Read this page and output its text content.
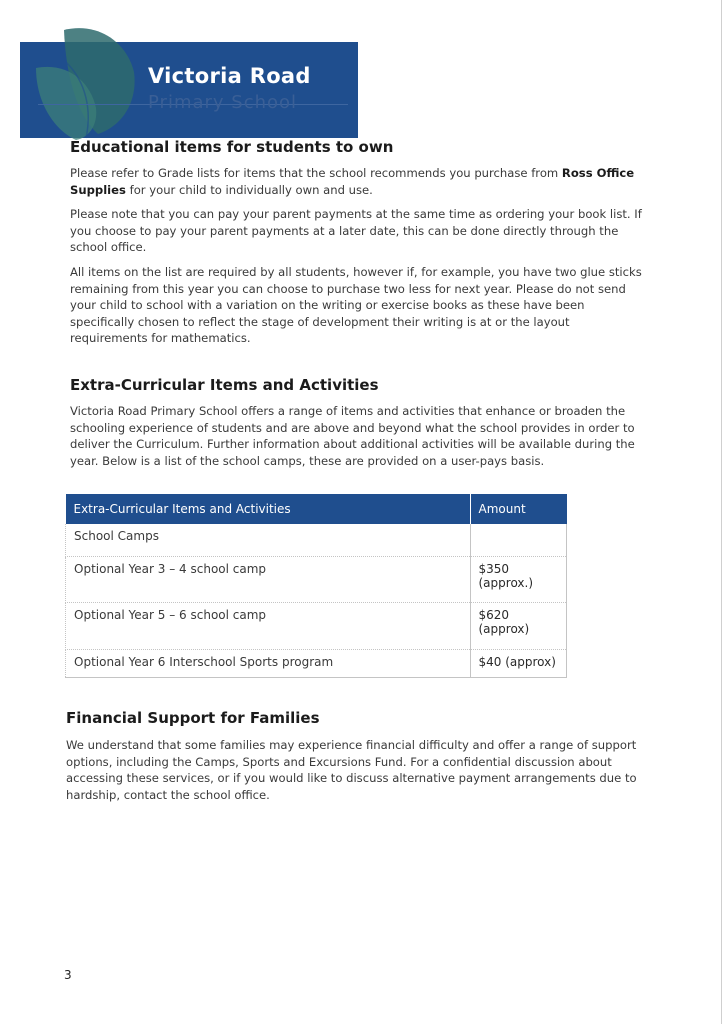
Victoria Road
Primary School
Educational items for students to own

Please refer to Grade lists for items that the school recommends you purchase from Ross Office Supplies for your child to individually own and use.

Please note that you can pay your parent payments at the same time as ordering your book list. If you choose to pay your parent payments at a later date, this can be done directly through the school office.

All items on the list are required by all students, however if, for example, you have two glue sticks remaining from this year you can choose to purchase two less for next year. Please do not send your child to school with a variation on the writing or exercise books as these have been specifically chosen to reflect the stage of development their writing is at or the layout requirements for mathematics.

Extra-Curricular Items and Activities

Victoria Road Primary School offers a range of items and activities that enhance or broaden the schooling experience of students and are above and beyond what the school provides in order to deliver the Curriculum. Further information about additional activities will be available during the year. Below is a list of the school camps, these are provided on a user-pays basis.

Extra-Curricular Items and Activities	Amount
School Camps	
Optional Year 3 – 4 school camp	$350 (approx.)
Optional Year 5 – 6 school camp	$620 (approx)
Optional Year 6 Interschool Sports program	$40 (approx)
Financial Support for Families

We understand that some families may experience financial difficulty and offer a range of support options, including the Camps, Sports and Excursions Fund. For a confidential discussion about accessing these services, or if you would like to discuss alternative payment arrangements due to hardship, contact the school office.

3
